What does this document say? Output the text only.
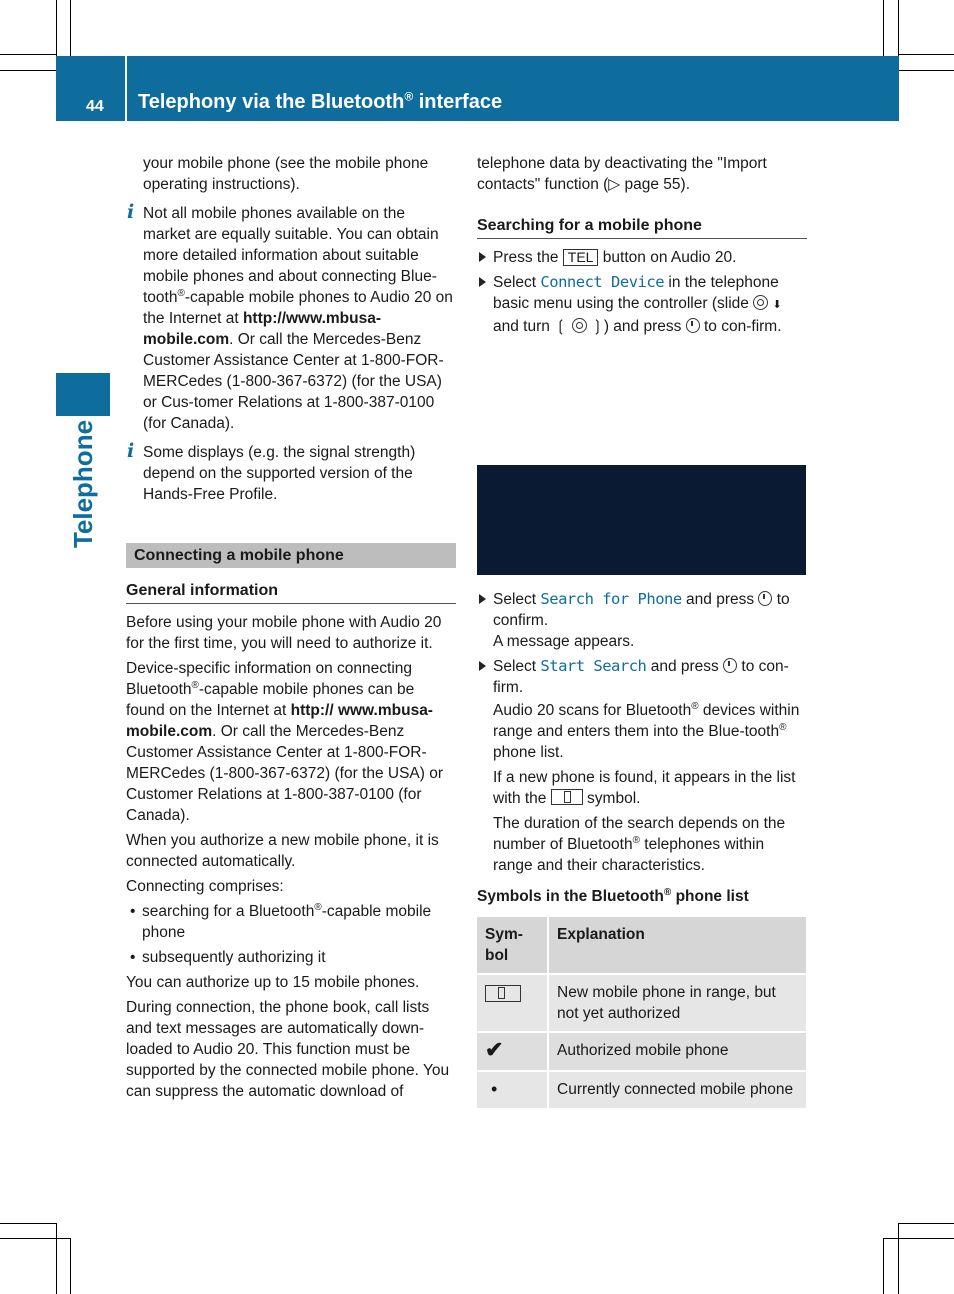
44 Telephony via the Bluetooth® interface
Telephone

your mobile phone (see the mobile phone operating instructions).

i Not all mobile phones available on the market are equally suitable. You can obtain more detailed information about suitable mobile phones and about connecting Blue-tooth®-capable mobile phones to Audio 20 on the Internet at http://www.mbusa-mobile.com. Or call the Mercedes-Benz Customer Assistance Center at 1-800-FOR-MERCedes (1-800-367-6372) (for the USA) or Cus-tomer Relations at 1-800-387-0100 (for Canada).
i Some displays (e.g. the signal strength) depend on the supported version of the Hands-Free Profile.
Connecting a mobile phone
General information

Before using your mobile phone with Audio 20 for the first time, you will need to authorize it.

Device-specific information on connecting Bluetooth®-capable mobile phones can be found on the Internet at http:// www.mbusa-mobile.com. Or call the Mercedes-Benz Customer Assistance Center at 1-800-FOR-MERCedes (1-800-367-6372) (for the USA) or Customer Relations at 1-800-387-0100 (for Canada).

When you authorize a new mobile phone, it is connected automatically.

Connecting comprises:

• searching for a Bluetooth®-capable mobile phone

• subsequently authorizing it

You can authorize up to 15 mobile phones.

During connection, the phone book, call lists and text messages are automatically down-loaded to Audio 20. This function must be supported by the connected mobile phone. You can suppress the automatic download of

telephone data by deactivating the "Import contacts" function (▷ page 55).

Searching for a mobile phone
Press the TEL button on Audio 20.
Select Connect Device in the telephone basic menu using the controller (slide ⬇ and turn ❲ ❳) and press to con-firm.
Select Search for Phone and press to confirm.
A message appears.
Select Start Search and press to con-firm.

Audio 20 scans for Bluetooth® devices within range and enters them into the Blue-tooth® phone list.

If a new phone is found, it appears in the list with the	symbol.

The duration of the search depends on the number of Bluetooth® telephones within range and their characteristics.

Symbols in the Bluetooth® phone list
Sym-bol	Explanation
	New mobile phone in range, but not yet authorized
✔	Authorized mobile phone
•	Currently connected mobile phone
